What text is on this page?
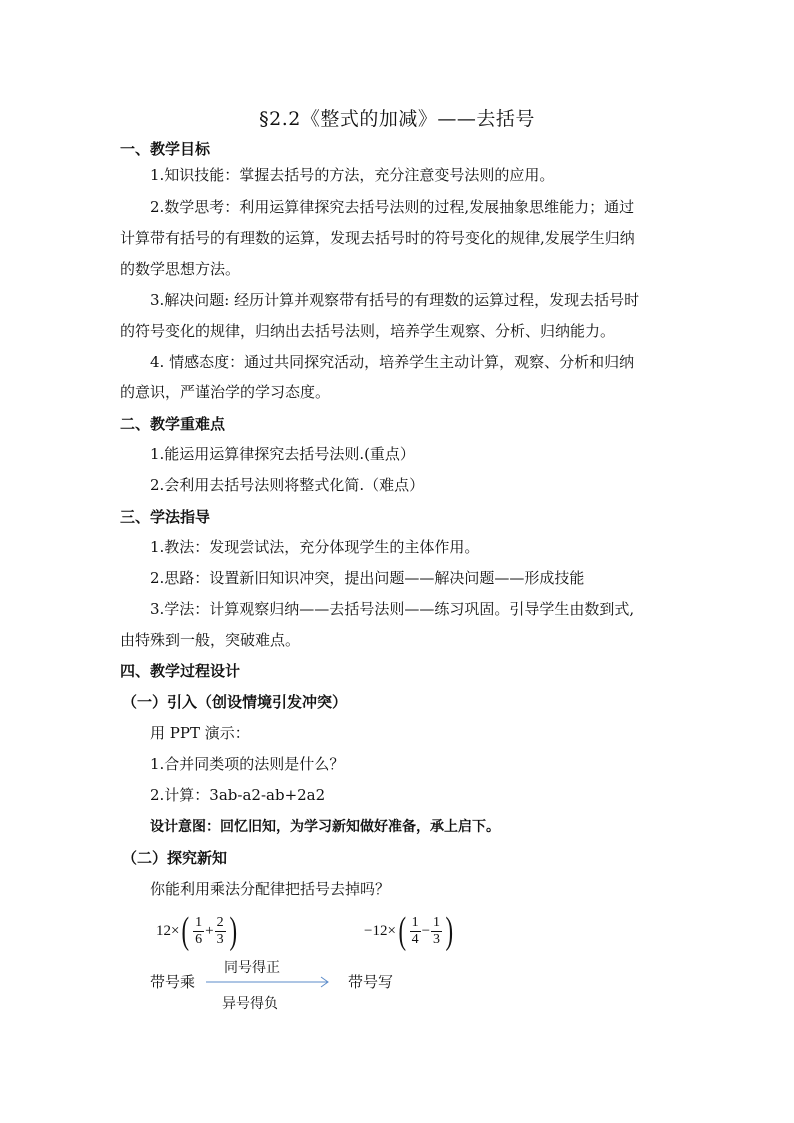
§2.2《整式的加减》——去括号
一、教学目标
1.知识技能：掌握去括号的方法，充分注意变号法则的应用。
2.数学思考：利用运算律探究去括号法则的过程,发展抽象思维能力；通过
计算带有括号的有理数的运算，发现去括号时的符号变化的规律,发展学生归纳
的数学思想方法。
3.解决问题: 经历计算并观察带有括号的有理数的运算过程，发现去括号时
的符号变化的规律，归纳出去括号法则，培养学生观察、分析、归纳能力。
4. 情感态度：通过共同探究活动，培养学生主动计算，观察、分析和归纳
的意识，严谨治学的学习态度。
二、教学重难点
1.能运用运算律探究去括号法则.(重点）
2.会利用去括号法则将整式化简.（难点）
三、学法指导
1.教法：发现尝试法，充分体现学生的主体作用。
2.思路：设置新旧知识冲突，提出问题——解决问题——形成技能
3.学法：计算观察归纳——去括号法则——练习巩固。引导学生由数到式,
由特殊到一般，突破难点。
四、教学过程设计
（一）引入（创设情境引发冲突）
用 PPT 演示：
1.合并同类项的法则是什么？
2.计算：3ab-a2-ab+2a2
设计意图：回忆旧知，为学习新知做好准备，承上启下。
（二）探究新知
你能利用乘法分配律把括号去掉吗？
12× ( $\frac{1}{6} + \frac{2}{3}$ )	−12× ( $\frac{1}{4} - \frac{1}{3}$ )
带号乘
同号得正
异号得负
带号写
